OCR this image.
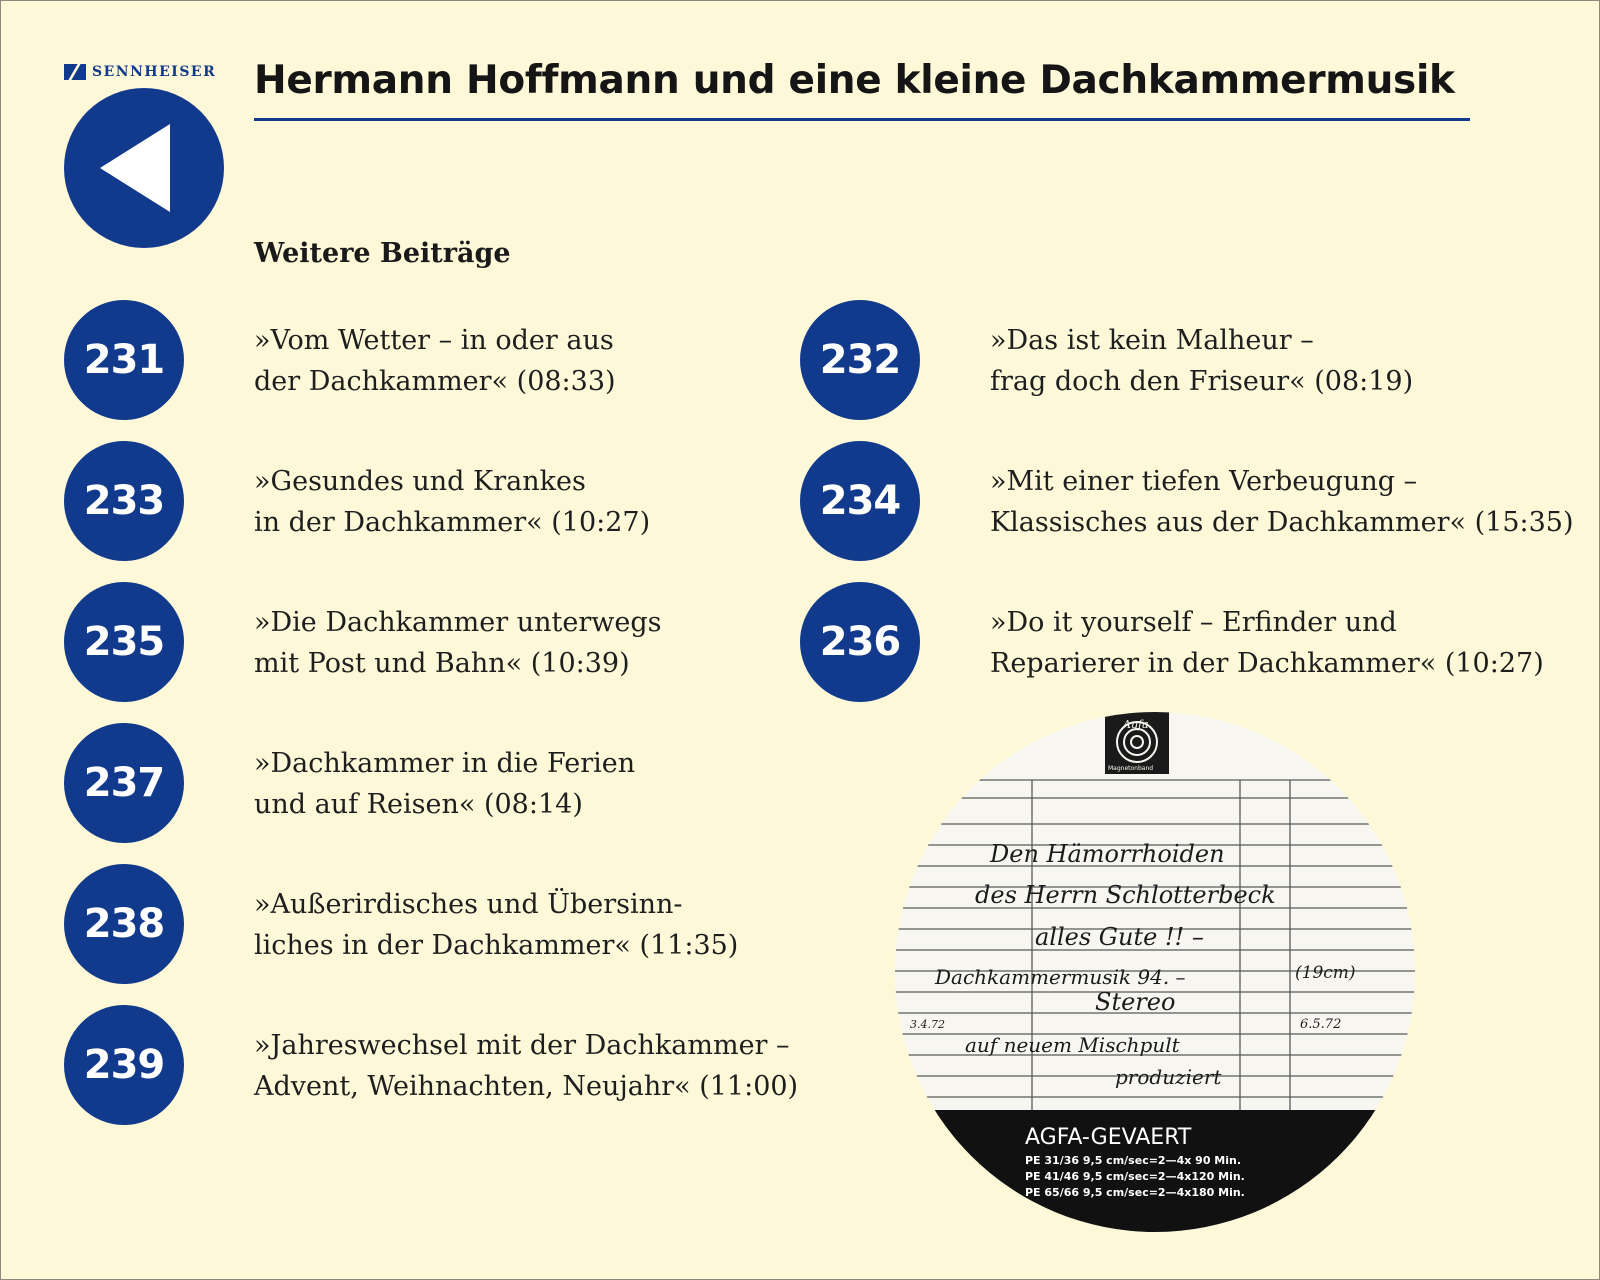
SENNHEISER Hermann Hoffmann und eine kleine Dachkammermusik
Weitere Beiträge
231	»Vom Wetter – in oder aus
der Dachkammer« (08:33)	232	»Das ist kein Malheur –
frag doch den Friseur« (08:19)
233	»Gesundes und Krankes
in der Dachkammer« (10:27)	234	»Mit einer tiefen Verbeugung –
Klassisches aus der Dachkammer« (15:35)
235	»Die Dachkammer unterwegs
mit Post und Bahn« (10:39)	236	»Do it yourself – Erfinder und
Reparierer in der Dachkammer« (10:27)
237	»Dachkammer in die Ferien
und auf Reisen« (08:14)
238	»Außerirdisches und Übersinn-
liches in der Dachkammer« (11:35)
239	»Jahreswechsel mit der Dachkammer –
Advent, Weihnachten, Neujahr« (11:00)
Agfa
Magnetonband
Den Hämorrhoiden
des Herrn Schlotterbeck
alles Gute !! –
Dachkammermusik 94. –
Stereo
auf neuem Mischpult
produziert
(19cm)
3.4.72	6.5.72
AGFA-GEVAERT
PE 31/36 9,5 cm/sec=2—4x 90 Min.
PE 41/46 9,5 cm/sec=2—4x120 Min.
PE 65/66 9,5 cm/sec=2—4x180 Min.
